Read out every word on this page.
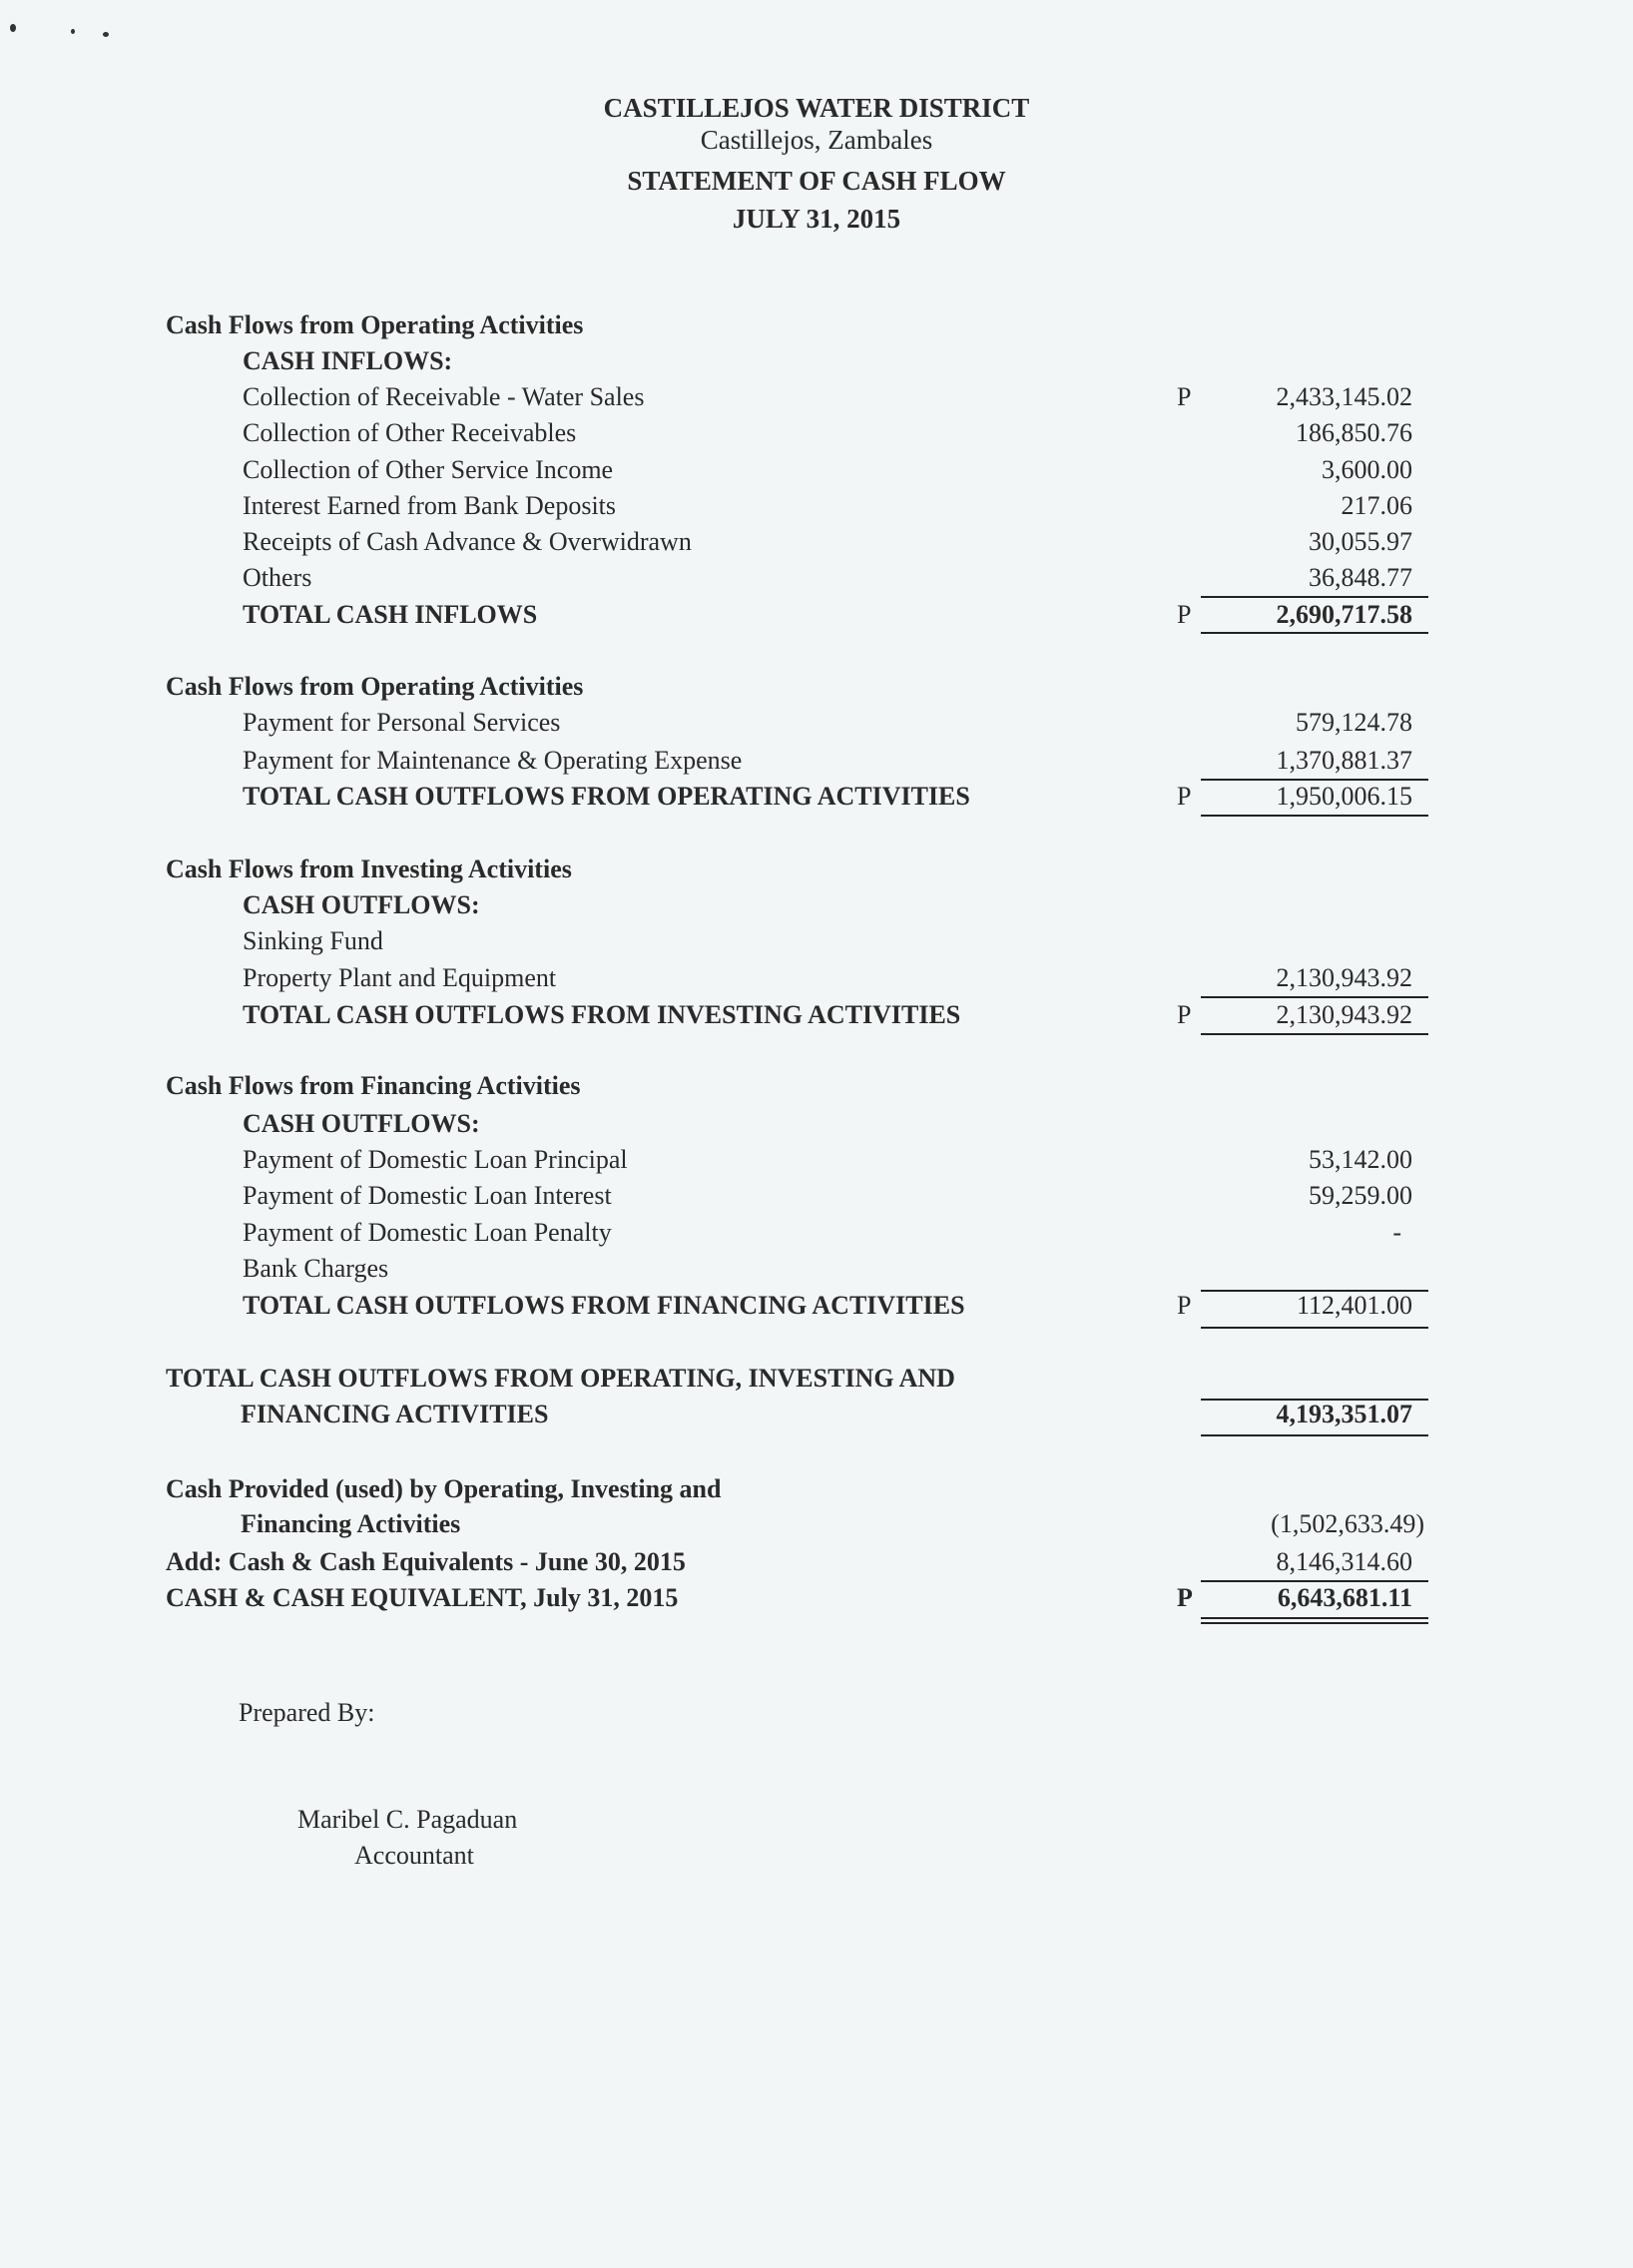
CASTILLEJOS WATER DISTRICT
Castillejos, Zambales
STATEMENT OF CASH FLOW
JULY 31, 2015
Cash Flows from Operating Activities
CASH INFLOWS:
Collection of Receivable - Water Sales	P	2,433,145.02
Collection of Other Receivables	186,850.76
Collection of Other Service Income	3,600.00
Interest Earned from Bank Deposits	217.06
Receipts of Cash Advance & Overwidrawn	30,055.97
Others	36,848.77
TOTAL CASH INFLOWS	P	2,690,717.58
Cash Flows from Operating Activities
Payment for Personal Services	579,124.78
Payment for Maintenance & Operating Expense	1,370,881.37
TOTAL CASH OUTFLOWS FROM OPERATING ACTIVITIES	P	1,950,006.15
Cash Flows from Investing Activities
CASH OUTFLOWS:
Sinking Fund
Property Plant and Equipment	2,130,943.92
TOTAL CASH OUTFLOWS FROM INVESTING ACTIVITIES	P	2,130,943.92
Cash Flows from Financing Activities
CASH OUTFLOWS:
Payment of Domestic Loan Principal	53,142.00
Payment of Domestic Loan Interest	59,259.00
Payment of Domestic Loan Penalty	-
Bank Charges
TOTAL CASH OUTFLOWS FROM FINANCING ACTIVITIES	P	112,401.00
TOTAL CASH OUTFLOWS FROM OPERATING, INVESTING AND
FINANCING ACTIVITIES	4,193,351.07
Cash Provided (used) by Operating, Investing and
Financing Activities	(1,502,633.49)
Add: Cash & Cash Equivalents - June 30, 2015	8,146,314.60
CASH & CASH EQUIVALENT, July 31, 2015	P	6,643,681.11
Prepared By:
Maribel C. Pagaduan
Accountant
